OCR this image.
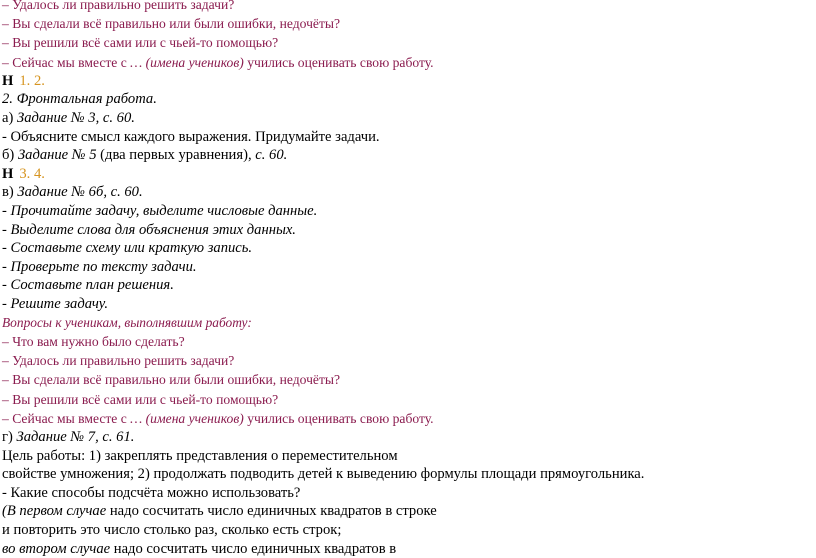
– Удалось ли правильно решить задачи?

– Вы сделали всё правильно или были ошибки, недочёты?

– Вы решили всё сами или с чьей-то помощью?

– Сейчас мы вместе с … (имена учеников) учились оценивать свою работу.

Н 1. 2.

2. Фронтальная работа.

а) Задание № 3, с. 60.

- Объясните смысл каждого выражения. Придумайте задачи.

б) Задание № 5 (два первых уравнения), с. 60.

Н 3. 4.

в) Задание № 6б, с. 60.

- Прочитайте задачу, выделите числовые данные.

- Выделите слова для объяснения этих данных.

- Составьте схему или краткую запись.

- Проверьте по тексту задачи.

- Составьте план решения.

- Решите задачу.

Вопросы к ученикам, выполнявшим работу:

– Что вам нужно было сделать?

– Удалось ли правильно решить задачи?

– Вы сделали всё правильно или были ошибки, недочёты?

– Вы решили всё сами или с чьей-то помощью?

– Сейчас мы вместе с … (имена учеников) учились оценивать свою работу.

г) Задание № 7, с. 61.

Цель работы: 1) закреплять представления о переместительном

свойстве умножения; 2) продолжать подводить детей к выведению формулы площади прямоугольника.

- Какие способы подсчёта можно использовать?

(В первом случае надо сосчитать число единичных квадратов в строке

и повторить это число столько раз, сколько есть строк;

во втором случае надо сосчитать число единичных квадратов в
